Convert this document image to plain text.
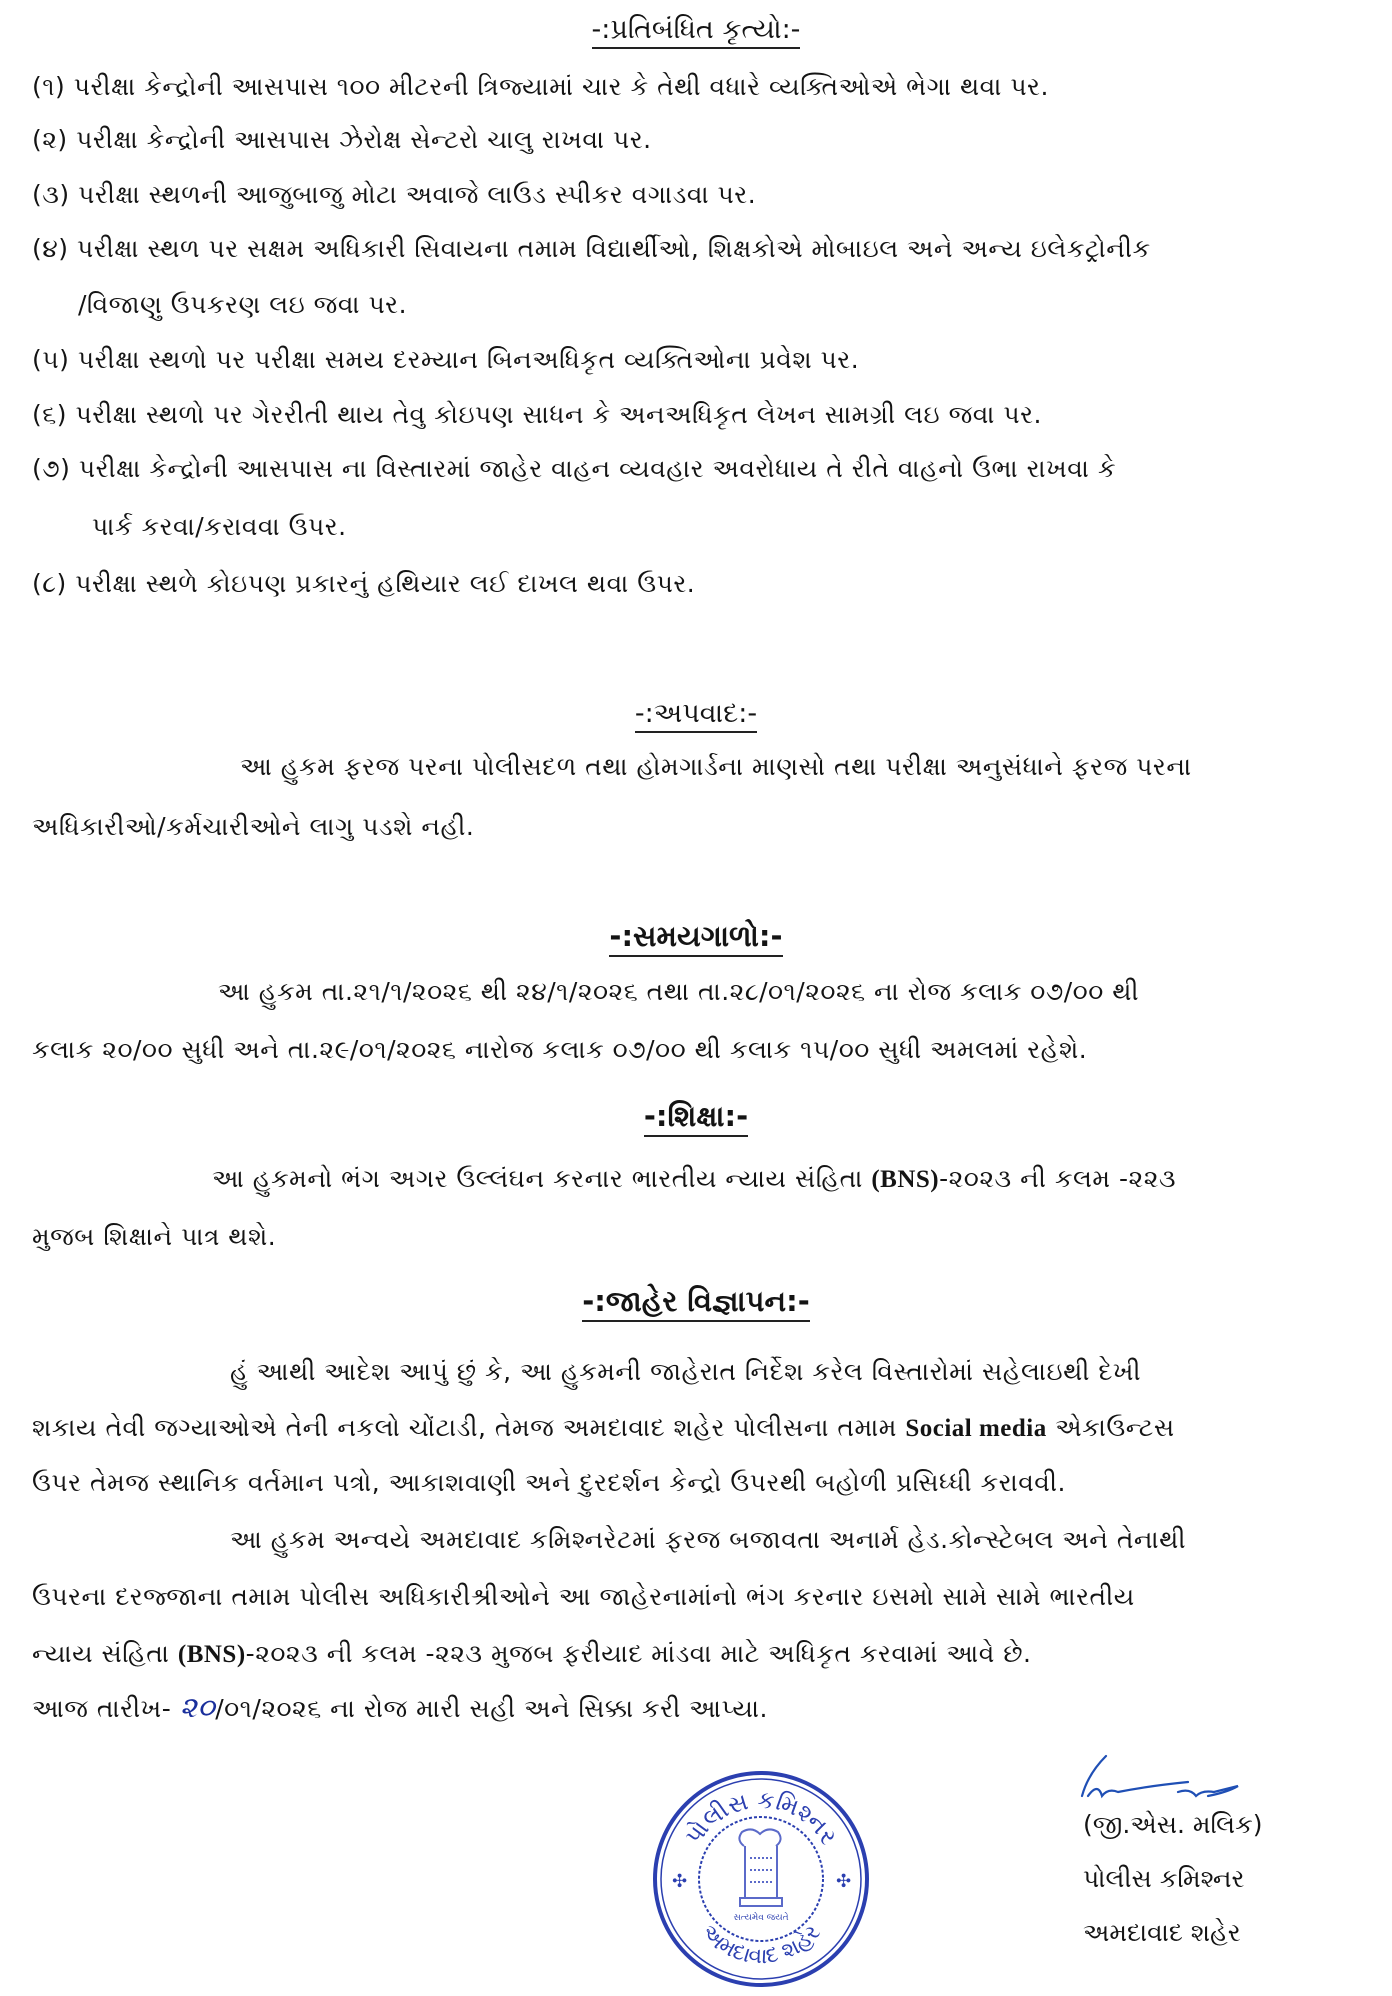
-:પ્રતિબંધિત કૃત્યો:-
(૧) પરીક્ષા કેન્દ્રોની આસપાસ ૧૦૦ મીટરની ત્રિજ્યામાં ચાર કે તેથી વધારે વ્યક્તિઓએ ભેગા થવા પર.
(૨) પરીક્ષા કેન્દ્રોની આસપાસ ઝેરોક્ષ સેન્ટરો ચાલુ રાખવા પર.
(૩) પરીક્ષા સ્થળની આજુબાજુ મોટા અવાજે લાઉડ સ્પીકર વગાડવા પર.
(૪) પરીક્ષા સ્થળ પર સક્ષમ અધિકારી સિવાયના તમામ વિદ્યાર્થીઓ, શિક્ષકોએ મોબાઇલ અને અન્ય ઇલેકટ્રોનીક
/વિજાણુ ઉપકરણ લઇ જવા પર.
(૫) પરીક્ષા સ્થળો પર પરીક્ષા સમય દરમ્યાન બિનઅધિકૃત વ્યક્તિઓના પ્રવેશ પર.
(૬) પરીક્ષા સ્થળો પર ગેરરીતી થાય તેવુ કોઇપણ સાધન કે અનઅધિકૃત લેખન સામગ્રી લઇ જવા પર.
(૭) પરીક્ષા કેન્દ્રોની આસપાસ ના વિસ્તારમાં જાહેર વાહન વ્યવહાર અવરોધાય તે રીતે વાહનો ઉભા રાખવા કે
પાર્ક કરવા/કરાવવા ઉપર.
(૮) પરીક્ષા સ્થળે કોઇપણ પ્રકારનું હથિયાર લઈ દાખલ થવા ઉપર.
-:અપવાદ:-
આ હુકમ ફરજ પરના પોલીસદળ તથા હોમગાર્ડના માણસો તથા પરીક્ષા અનુસંધાને ફરજ પરના
અધિકારીઓ/કર્મચારીઓને લાગુ પડશે નહી.
-:સમયગાળો:-
આ હુકમ તા.૨૧/૧/૨૦૨૬ થી ૨૪/૧/૨૦૨૬ તથા તા.૨૮/૦૧/૨૦૨૬ ના રોજ કલાક ૦૭/૦૦ થી
કલાક ૨૦/૦૦ સુધી અને તા.૨૯/૦૧/૨૦૨૬ નારોજ કલાક ૦૭/૦૦ થી કલાક ૧૫/૦૦ સુધી અમલમાં રહેશે.
-:શિક્ષા:-
આ હુકમનો ભંગ અગર ઉલ્લંઘન કરનાર ભારતીય ન્યાય સંહિતા (BNS)-૨૦૨૩ ની કલમ -૨૨૩
મુજબ શિક્ષાને પાત્ર થશે.
-:જાહેર વિજ્ઞાપન:-
હું આથી આદેશ આપું છું કે, આ હુકમની જાહેરાત નિર્દેશ કરેલ વિસ્તારોમાં સહેલાઇથી દેખી
શકાય તેવી જગ્યાઓએ તેની નકલો ચોંટાડી, તેમજ અમદાવાદ શહેર પોલીસના તમામ Social media એકાઉન્ટસ
ઉપર તેમજ સ્થાનિક વર્તમાન પત્રો, આકાશવાણી અને દુરદર્શન કેન્દ્રો ઉપરથી બહોળી પ્રસિધ્ધી કરાવવી.
આ હુકમ અન્વયે અમદાવાદ કમિશ્નરેટમાં ફરજ બજાવતા અનાર્મ હેડ.કોન્સ્ટેબલ અને તેનાથી
ઉપરના દરજ્જાના તમામ પોલીસ અધિકારીશ્રીઓને આ જાહેરનામાંનો ભંગ કરનાર ઇસમો સામે સામે ભારતીય
ન્યાય સંહિતા (BNS)-૨૦૨૩ ની કલમ -૨૨૩ મુજબ ફરીયાદ માંડવા માટે અધિકૃત કરવામાં આવે છે.
આજ તારીખ- ૨૦/૦૧/૨૦૨૬ ના રોજ મારી સહી અને સિક્કા કરી આપ્યા.
પોલીસ કમિશ્નર
અમદાવાદ શહેર
✣	✣
સત્યમેવ જયતે
(જી.એસ. મલિક)
પોલીસ કમિશ્નર
અમદાવાદ શહેર
